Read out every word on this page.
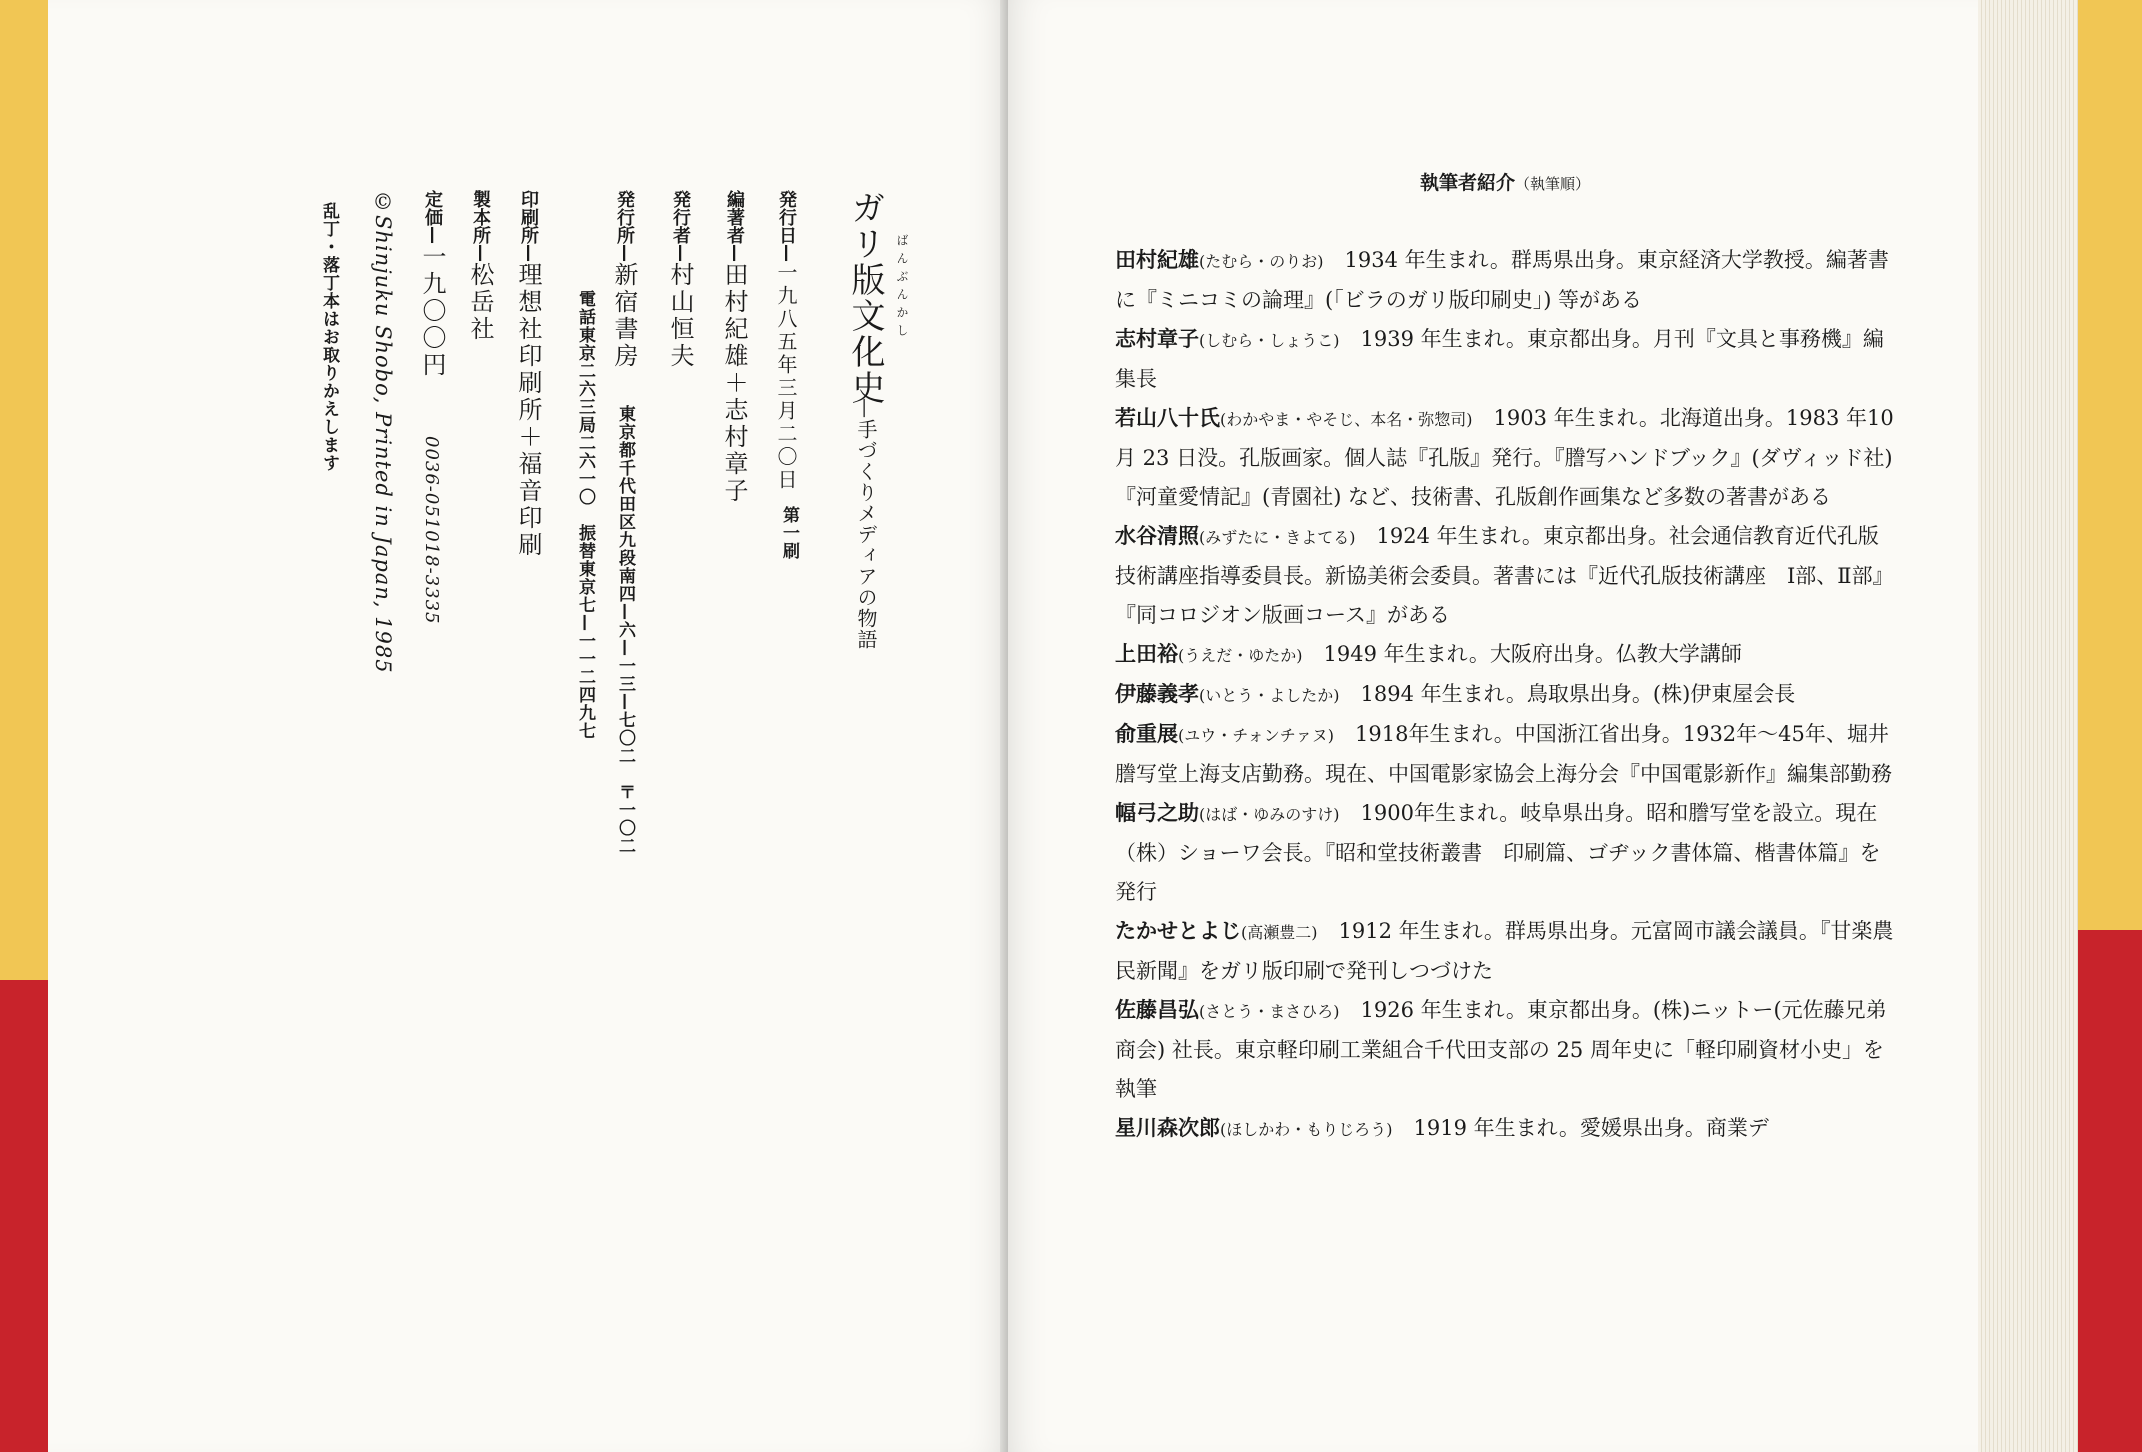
ガリ版文化史 ばんぶんかし
—手づくりメディアの物語
発行日—一九八五年三月二〇日
第一刷
編著者—田村紀雄＋志村章子
発行者—村山恒夫
発行所—新宿書房
東京都千代田区九段南四—六—一三—七〇二　〒一〇二
電話東京二六三局二六一〇　振替東京七—一一二四九七
印刷所—理想社印刷所＋福音印刷
製本所—松岳社
定価—一九〇〇円
0036-051018-3335
©Shinjuku Shobo, Printed in Japan, 1985
乱丁・落丁本はお取りかえします
執筆者紹介（執筆順）
田村紀雄(たむら・のりお)　 1934 年生まれ。群馬県出身。東京経済大学教授。編著書に『ミニコミの論理』(「ビラのガリ版印刷史」) 等がある
志村章子(しむら・しょうこ)　 1939 年生まれ。東京都出身。月刊『文具と事務機』編集長
若山八十氏(わかやま・やそじ、本名・弥惣司)　 1903 年生まれ。北海道出身。1983 年10月 23 日没。孔版画家。個人誌『孔版』発行。『謄写ハンドブック』(ダヴィッド社)『河童愛情記』(青園社) など、技術書、孔版創作画集など多数の著書がある
水谷清照(みずたに・きよてる)　 1924 年生まれ。東京都出身。社会通信教育近代孔版技術講座指導委員長。新協美術会委員。著書には『近代孔版技術講座　Ⅰ部、Ⅱ部』『同コロジオン版画コース』がある
上田裕(うえだ・ゆたか)　 1949 年生まれ。大阪府出身。仏教大学講師
伊藤義孝(いとう・よしたか)　 1894 年生まれ。鳥取県出身。(株)伊東屋会長
俞重展(ユウ・チォンチァヌ)　 1918年生まれ。中国浙江省出身。1932年～45年、堀井謄写堂上海支店勤務。現在、中国電影家協会上海分会『中国電影新作』編集部勤務
幅弓之助(はば・ゆみのすけ)　 1900年生まれ。岐阜県出身。昭和謄写堂を設立。現在（株）ショーワ会長。『昭和堂技術叢書　印刷篇、ゴヂック書体篇、楷書体篇』を発行
たかせとよじ(高瀬豊二)　 1912 年生まれ。群馬県出身。元富岡市議会議員。『甘楽農民新聞』をガリ版印刷で発刊しつづけた
佐藤昌弘(さとう・まさひろ)　 1926 年生まれ。東京都出身。(株)ニットー(元佐藤兄弟商会) 社長。東京軽印刷工業組合千代田支部の 25 周年史に「軽印刷資材小史」を執筆
星川森次郎(ほしかわ・もりじろう)　 1919 年生まれ。愛媛県出身。商業デ
